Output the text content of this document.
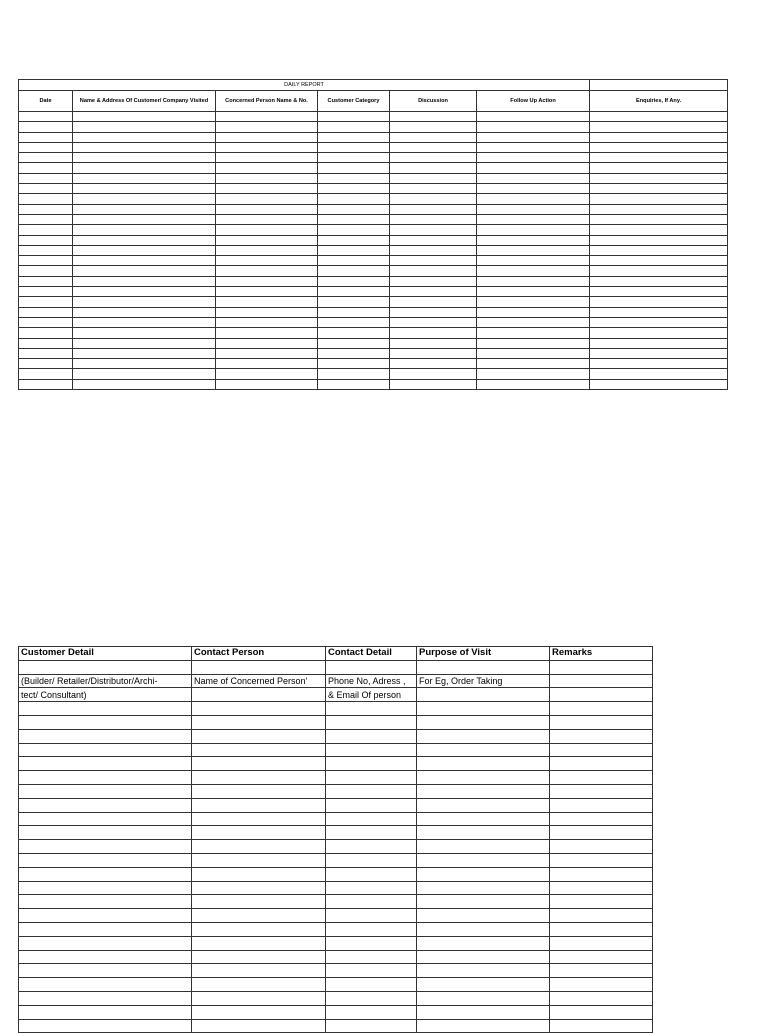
DAILY REPORT						
Date	Name & Address Of Customer/ Company Visited	Concerned Person Name & No.	Customer Category	Discussion	Follow Up Action	Enquiries, If Any.

Customer Detail	Contact Person	Contact Detail	Purpose of Visit	Remarks

(Builder/ Retailer/Distributor/Archi-	Name of Concerned Person'	Phone No, Adress ,	For Eg, Order Taking	
tect/ Consultant)		& Email Of person		
